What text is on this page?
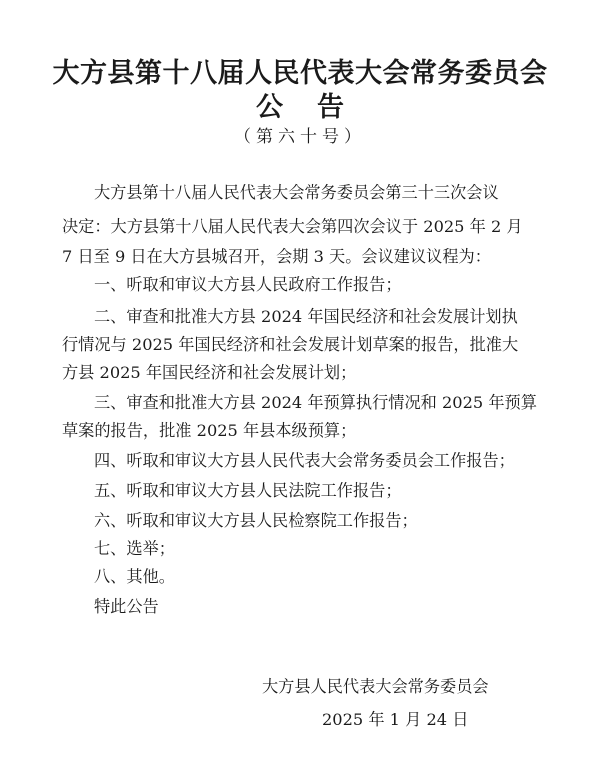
大方县第十八届人民代表大会常务委员会
公告
（第六十号）
大方县第十八届人民代表大会常务委员会第三十三次会议
决定：大方县第十八届人民代表大会第四次会议于 2025 年 2 月
7 日至 9 日在大方县城召开，会期 3 天。会议建议议程为：
一、听取和审议大方县人民政府工作报告；
二、审查和批准大方县 2024 年国民经济和社会发展计划执
行情况与 2025 年国民经济和社会发展计划草案的报告，批准大
方县 2025 年国民经济和社会发展计划；
三、审查和批准大方县 2024 年预算执行情况和 2025 年预算
草案的报告，批准 2025 年县本级预算；
四、听取和审议大方县人民代表大会常务委员会工作报告；
五、听取和审议大方县人民法院工作报告；
六、听取和审议大方县人民检察院工作报告；
七、选举；
八、其他。
特此公告
大方县人民代表大会常务委员会
2025 年 1 月 24 日
